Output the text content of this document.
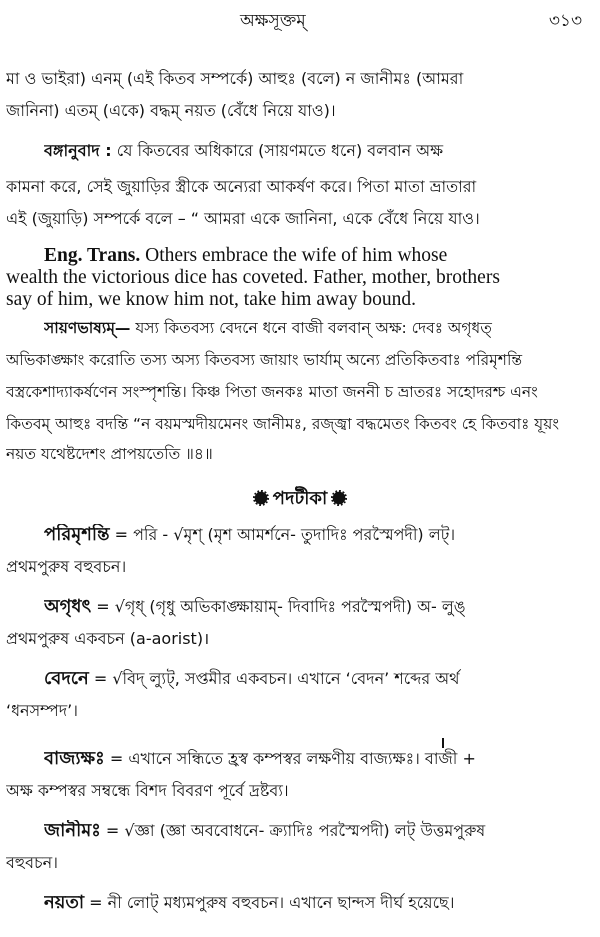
অক্ষসূক্তম্	৩১৩
মা ও ভাইরা) এনম্ (এই কিতব সম্পর্কে) আহুঃ (বলে) ন জানীমঃ (আমরা
জানিনা) এতম্ (একে) বদ্ধম্ নয়ত (বেঁধে নিয়ে যাও)।
বঙ্গানুবাদ : যে কিতবের অধিকারে (সায়ণমতে ধনে) বলবান অক্ষ
কামনা করে, সেই জুয়াড়ির স্ত্রীকে অন্যেরা আকর্ষণ করে। পিতা মাতা ভ্রাতারা
এই (জুয়াড়ি) সম্পর্কে বলে – “ আমরা একে জানিনা, একে বেঁধে নিয়ে যাও।
Eng. Trans. Others embrace the wife of him whose
wealth the victorious dice has coveted. Father, mother, brothers
say of him, we know him not, take him away bound.
সায়ণভাষ্যম্— যস্য কিতবস্য বেদনে ধনে বাজী বলবান্ অক্ষ: দেবঃ অগৃধত্
অভিকাঙ্ক্ষাং করোতি তস্য অস্য কিতবস্য জায়াং ভার্যাম্ অন্যে প্রতিকিতবাঃ পরিমৃশন্তি
বস্ত্রকেশাদ্যাকর্ষণেন সংস্পৃশন্তি। কিঞ্চ পিতা জনকঃ মাতা জননী চ ভ্রাতরঃ সহোদরশ্চ এনং
কিতবম্ আহুঃ বদন্তি “ন বয়মস্মদীয়মেনং জানীমঃ, রজ্জ্বা বদ্ধমেতং কিতবং হে কিতবাঃ যূয়ং
নয়ত যথেষ্টদেশং প্রাপয়তেতি ॥৪॥
পদটীকা
পরিমৃশন্তি = পরি - √মৃশ্ (মৃশ আমর্শনে- তুদাদিঃ পরস্মৈপদী) লট্।
প্রথমপুরুষ বহুবচন।
অগৃধৎ = √গৃধ্ (গৃধু অভিকাঙ্ক্ষায়াম্- দিবাদিঃ পরস্মৈপদী) অ- লুঙ্
প্রথমপুরুষ একবচন (a-aorist)।
বেদনে = √বিদ্ ল্যুট্, সপ্তমীর একবচন। এখানে ‘বেদন’ শব্দের অর্থ
‘ধনসম্পদ’।
বাজ্যক্ষঃ = এখানে সন্ধিতে হ্রস্ব কম্পস্বর লক্ষণীয় বাজ্যক্ষঃ। বাজী +
অক্ষ কম্পস্বর সম্বন্ধে বিশদ বিবরণ পূর্বে দ্রষ্টব্য।
জানীমঃ = √জ্ঞা (জ্ঞা অববোধনে- ক্র্যাদিঃ পরস্মৈপদী) লট্ উত্তমপুরুষ
বহুবচন।
নয়তা = নী লোট্ মধ্যমপুরুষ বহুবচন। এখানে ছান্দস দীর্ঘ হয়েছে।
